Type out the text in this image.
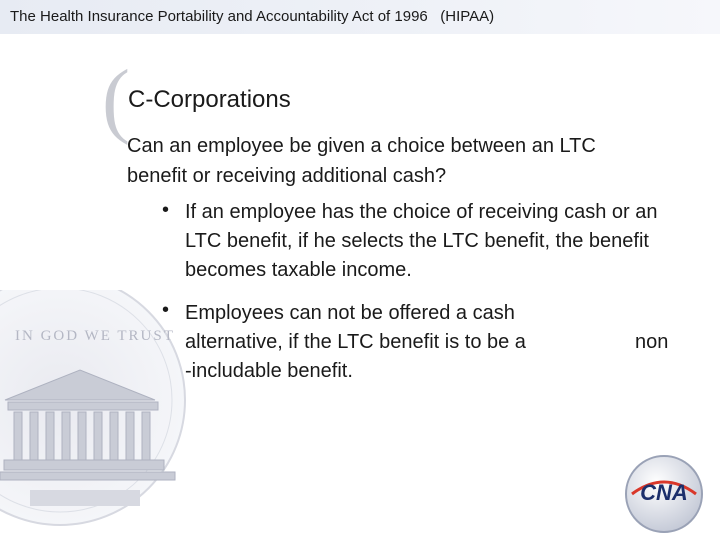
The Health Insurance Portability and Accountability Act of 1996   (HIPAA)
IN GOD WE TRUST
(
C-Corporations
Can an employee be given a choice between an LTC benefit or receiving additional cash?
• If an employee has the choice of receiving cash or an LTC benefit, if he selects the LTC benefit, the benefit becomes taxable income.
• Employees can not be offered a cash alternative, if the LTC benefit is to be a
-includable benefit.
non
CNA
